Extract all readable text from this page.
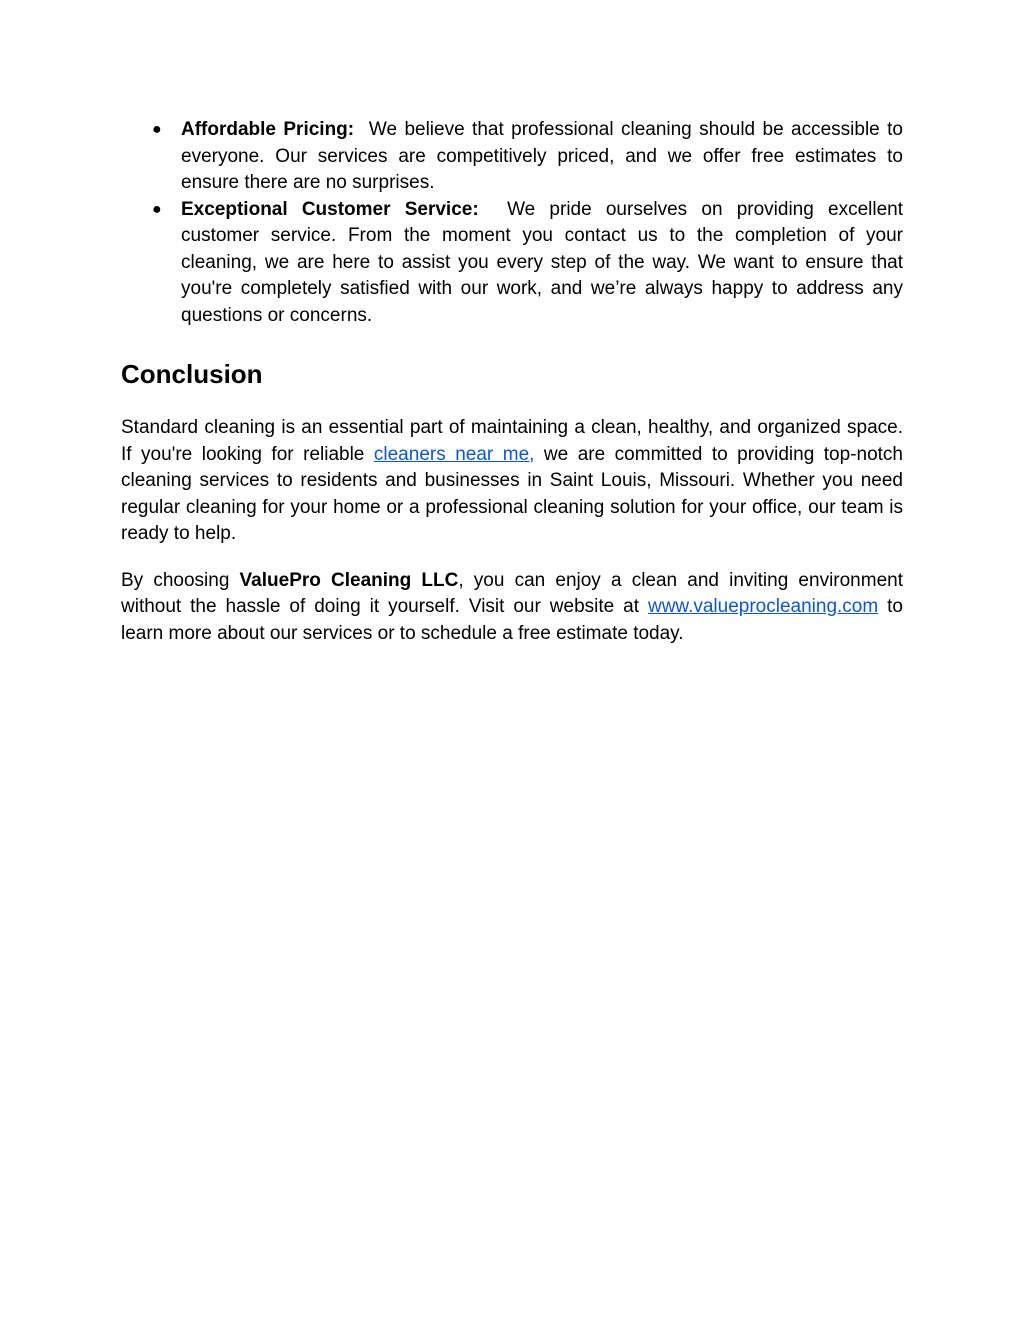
● Affordable Pricing:  We believe that professional cleaning should be accessible to everyone. Our services are competitively priced, and we offer free estimates to ensure there are no surprises.
● Exceptional Customer Service:  We pride ourselves on providing excellent customer service. From the moment you contact us to the completion of your cleaning, we are here to assist you every step of the way. We want to ensure that you're completely satisfied with our work, and we’re always happy to address any questions or concerns.
Conclusion

Standard cleaning is an essential part of maintaining a clean, healthy, and organized space. If you're looking for reliable cleaners near me, we are committed to providing top-notch cleaning services to residents and businesses in Saint Louis, Missouri. Whether you need regular cleaning for your home or a professional cleaning solution for your office, our team is ready to help.

By choosing ValuePro Cleaning LLC, you can enjoy a clean and inviting environment without the hassle of doing it yourself. Visit our website at www.valueprocleaning.com to learn more about our services or to schedule a free estimate today.
